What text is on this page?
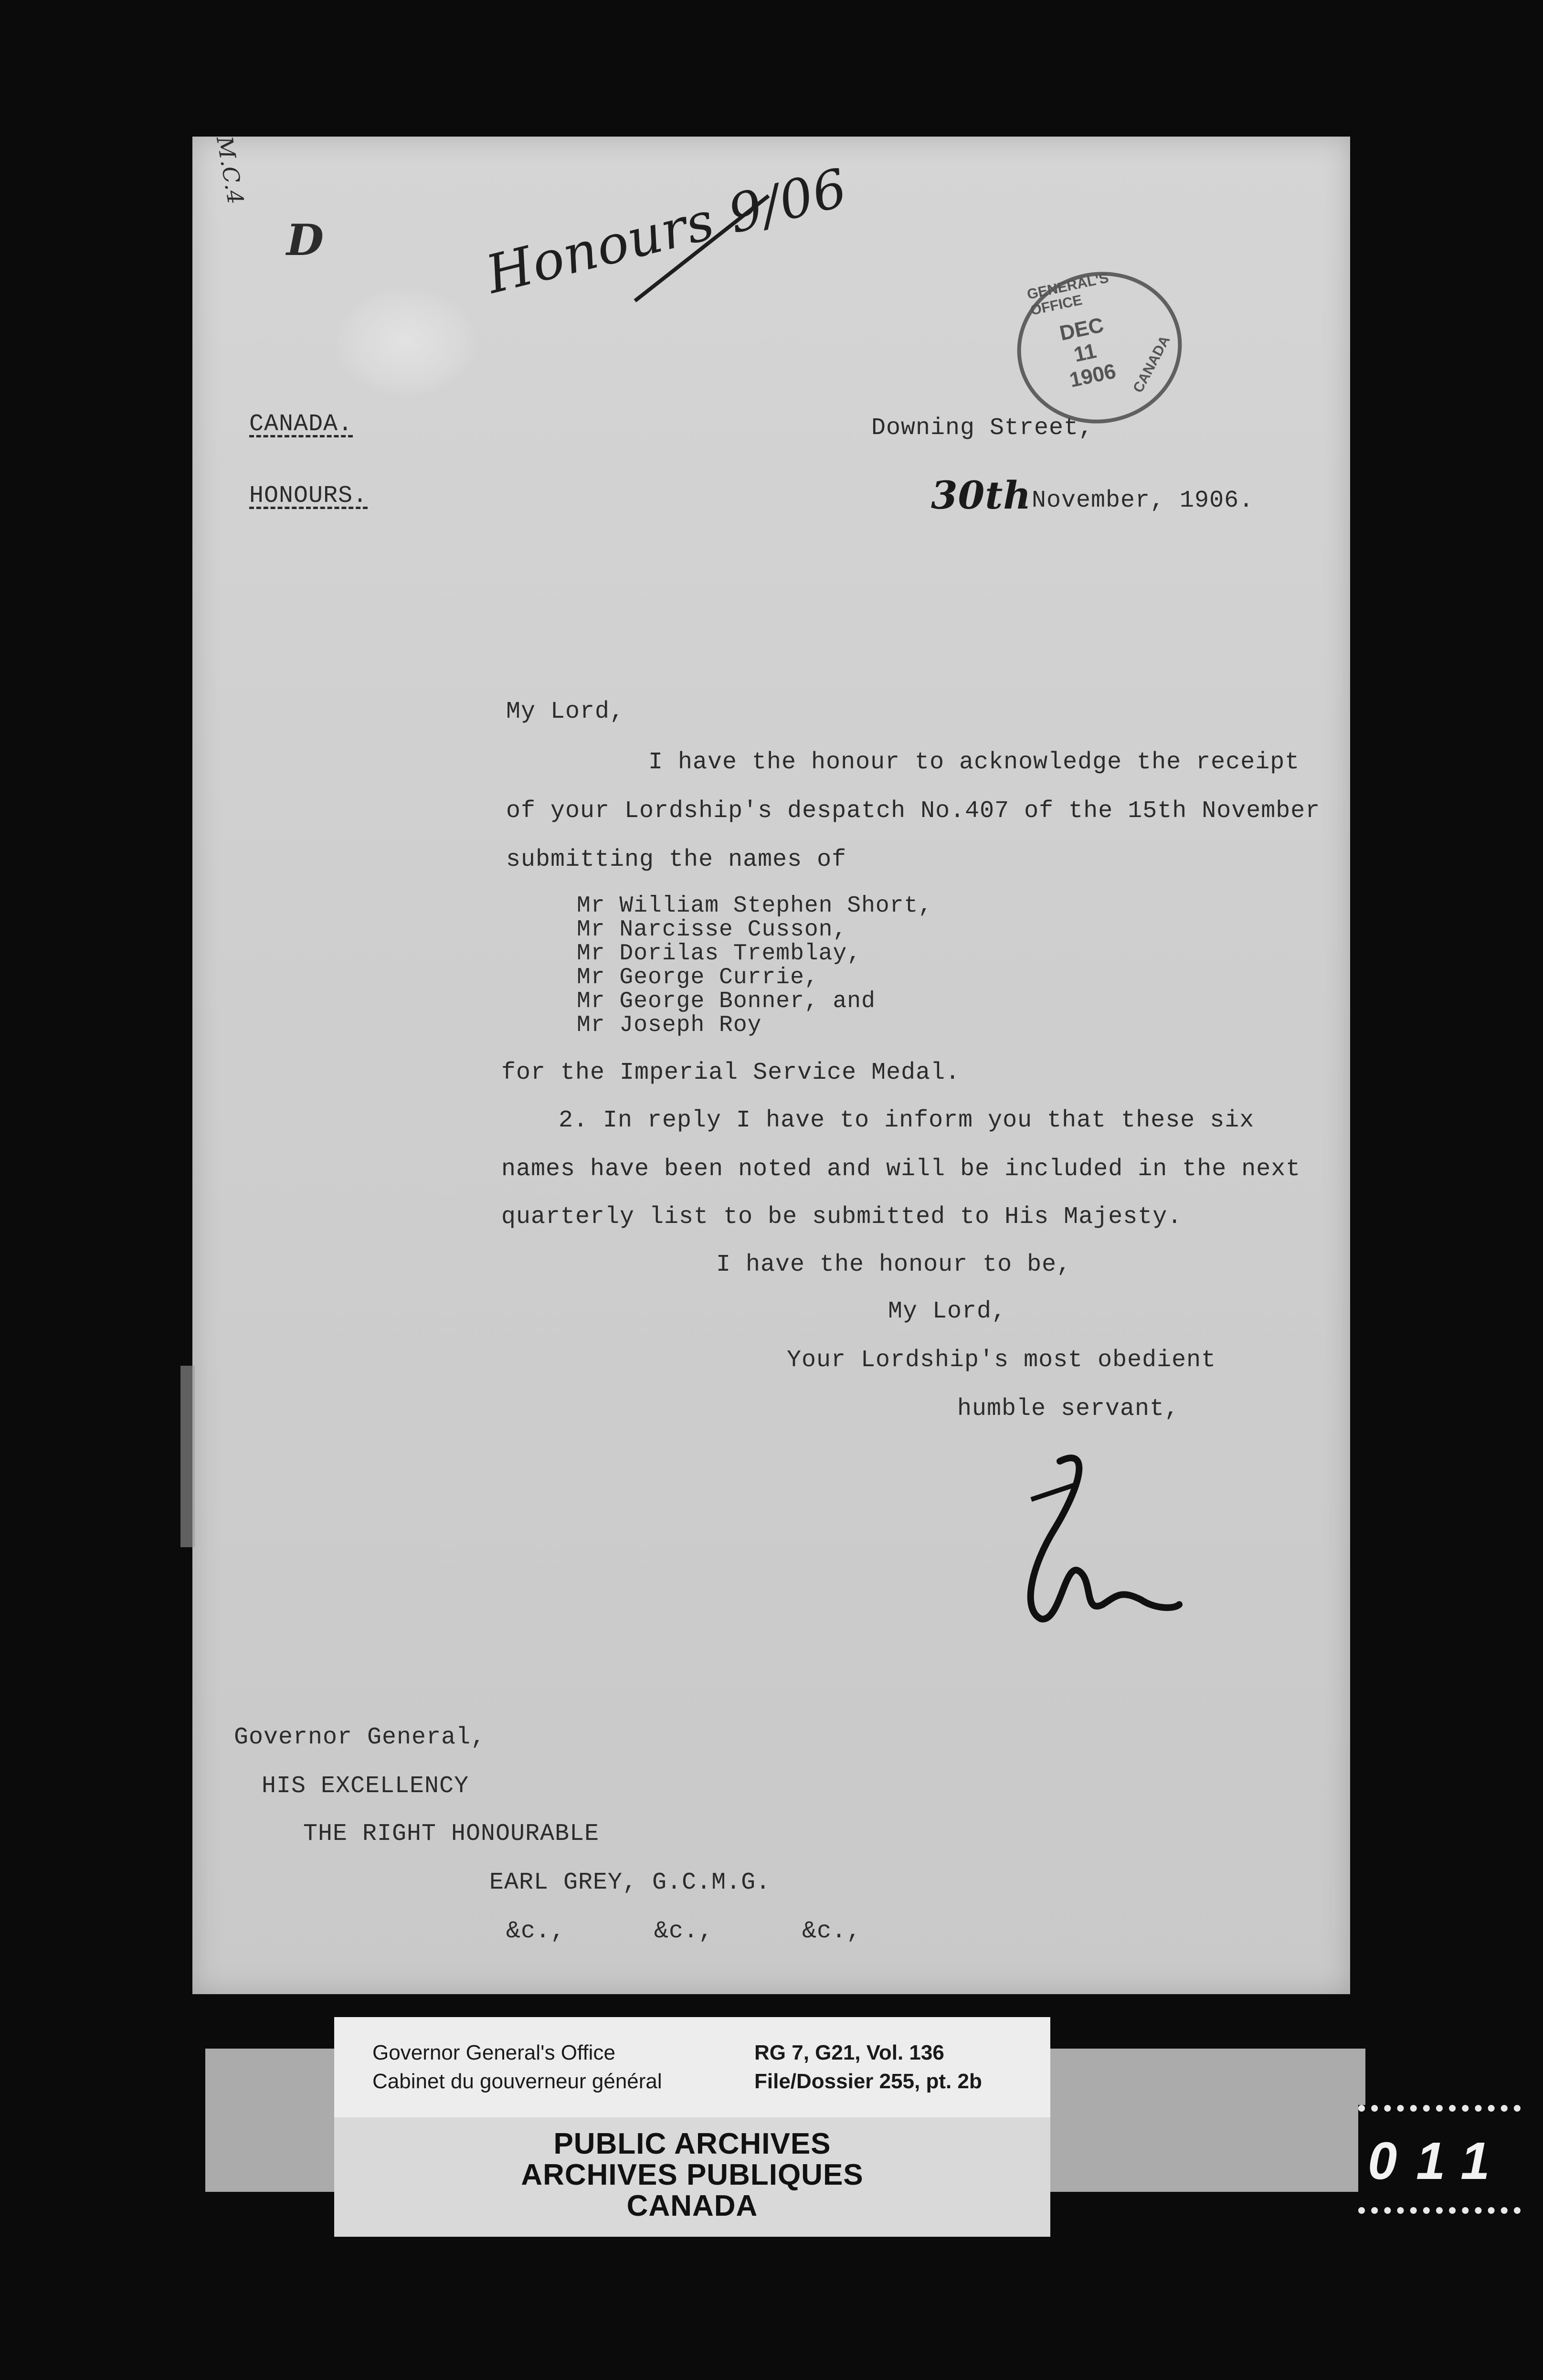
M.C.4
D	Honours 9/06	GENERAL'S OFFICE
CANADA
DEC
11
1906
CANADA.
HONOURS.
Downing Street,
30th
.November, 1906.
My Lord,
I have the honour to acknowledge the receipt
of your Lordship's despatch No.407 of the 15th November
submitting the names of
Mr William Stephen Short,
Mr Narcisse Cusson,
Mr Dorilas Tremblay,
Mr George Currie,
Mr George Bonner, and
Mr Joseph Roy
for the Imperial Service Medal.
2. In reply I have to inform you that these six
names have been noted and will be included in the next
quarterly list to be submitted to His Majesty.
I have the honour to be,
My Lord,
Your Lordship's most obedient
humble servant,
Governor General,
HIS EXCELLENCY
THE RIGHT HONOURABLE
EARL GREY, G.C.M.G.
&c.,      &c.,      &c.,
Governor General's Office
Cabinet du gouverneur général
RG 7, G21, Vol. 136
File/Dossier 255, pt. 2b
PUBLIC ARCHIVES
ARCHIVES PUBLIQUES
CANADA
011
